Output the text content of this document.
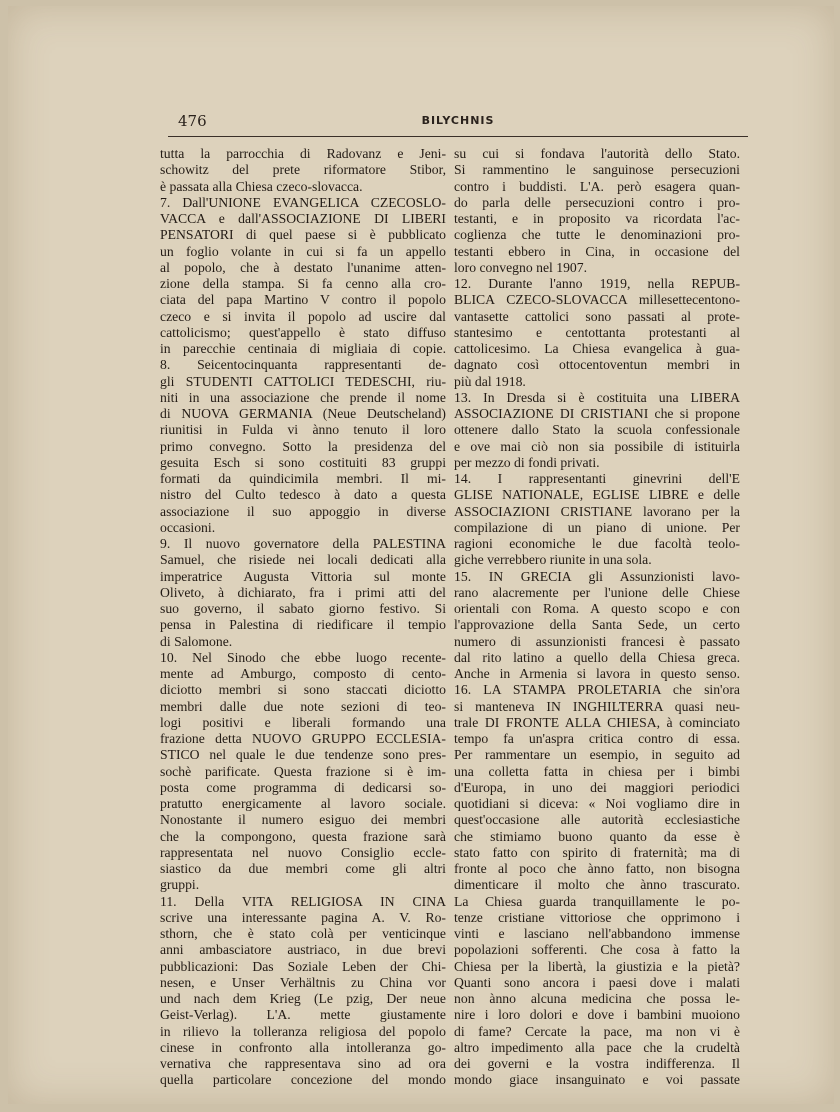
476	BILYCHNIS
tutta la parrocchia di Radovanz e Jeni-
schowitz del prete riformatore Stibor,
è passata alla Chiesa czeco-slovacca.
7. Dall'UNIONE EVANGELICA CZECOSLO-
VACCA e dall'ASSOCIAZIONE DI LIBERI
PENSATORI di quel paese si è pubblicato
un foglio volante in cui si fa un appello
al popolo, che à destato l'unanime atten-
zione della stampa. Si fa cenno alla cro-
ciata del papa Martino V contro il popolo
czeco e si invita il popolo ad uscire dal
cattolicismo; quest'appello è stato diffuso
in parecchie centinaia di migliaia di copie.
8. Seicentocinquanta rappresentanti de-
gli STUDENTI CATTOLICI TEDESCHI, riu-
niti in una associazione che prende il nome
di NUOVA GERMANIA (Neue Deutscheland)
riunitisi in Fulda vi ànno tenuto il loro
primo convegno. Sotto la presidenza del
gesuita Esch si sono costituiti 83 gruppi
formati da quindicimila membri. Il mi-
nistro del Culto tedesco à dato a questa
associazione il suo appoggio in diverse
occasioni.
9. Il nuovo governatore della PALESTINA
Samuel, che risiede nei locali dedicati alla
imperatrice Augusta Vittoria sul monte
Oliveto, à dichiarato, fra i primi atti del
suo governo, il sabato giorno festivo. Si
pensa in Palestina di riedificare il tempio
di Salomone.
10. Nel Sinodo che ebbe luogo recente-
mente ad Amburgo, composto di cento-
diciotto membri si sono staccati diciotto
membri dalle due note sezioni di teo-
logi positivi e liberali formando una
frazione detta NUOVO GRUPPO ECCLESIA-
STICO nel quale le due tendenze sono pres-
sochè parificate. Questa frazione si è im-
posta come programma di dedicarsi so-
pratutto energicamente al lavoro sociale.
Nonostante il numero esiguo dei membri
che la compongono, questa frazione sarà
rappresentata nel nuovo Consiglio eccle-
siastico da due membri come gli altri
gruppi.
11. Della VITA RELIGIOSA IN CINA
scrive una interessante pagina A. V. Ro-
sthorn, che è stato colà per venticinque
anni ambasciatore austriaco, in due brevi
pubblicazioni: Das Soziale Leben der Chi-
nesen, e Unser Verhältnis zu China vor
und nach dem Krieg (Le pzig, Der neue
Geist-Verlag). L'A. mette giustamente
in rilievo la tolleranza religiosa del popolo
cinese in confronto alla intolleranza go-
vernativa che rappresentava sino ad ora
quella particolare concezione del mondo
su cui si fondava l'autorità dello Stato.
Si rammentino le sanguinose persecuzioni
contro i buddisti. L'A. però esagera quan-
do parla delle persecuzioni contro i pro-
testanti, e in proposito va ricordata l'ac-
coglienza che tutte le denominazioni pro-
testanti ebbero in Cina, in occasione del
loro convegno nel 1907.
12. Durante l'anno 1919, nella REPUB-
BLICA CZECO-SLOVACCA millesettecentono-
vantasette cattolici sono passati al prote-
stantesimo e centottanta protestanti al
cattolicesimo. La Chiesa evangelica à gua-
dagnato così ottocentoventun membri in
più dal 1918.
13. In Dresda si è costituita una LIBERA
ASSOCIAZIONE DI CRISTIANI che si propone
ottenere dallo Stato la scuola confessionale
e ove mai ciò non sia possibile di istituirla
per mezzo di fondi privati.
14. I rappresentanti ginevrini dell'E
GLISE NATIONALE, EGLISE LIBRE e delle
ASSOCIAZIONI CRISTIANE lavorano per la
compilazione di un piano di unione. Per
ragioni economiche le due facoltà teolo-
giche verrebbero riunite in una sola.
15. IN GRECIA gli Assunzionisti lavo-
rano alacremente per l'unione delle Chiese
orientali con Roma. A questo scopo e con
l'approvazione della Santa Sede, un certo
numero di assunzionisti francesi è passato
dal rito latino a quello della Chiesa greca.
Anche in Armenia si lavora in questo senso.
16. LA STAMPA PROLETARIA che sin'ora
si manteneva IN INGHILTERRA quasi neu-
trale DI FRONTE ALLA CHIESA, à cominciato
tempo fa un'aspra critica contro di essa.
Per rammentare un esempio, in seguito ad
una colletta fatta in chiesa per i bimbi
d'Europa, in uno dei maggiori periodici
quotidiani si diceva: « Noi vogliamo dire in
quest'occasione alle autorità ecclesiastiche
che stimiamo buono quanto da esse è
stato fatto con spirito di fraternità; ma di
fronte al poco che ànno fatto, non bisogna
dimenticare il molto che ànno trascurato.
La Chiesa guarda tranquillamente le po-
tenze cristiane vittoriose che opprimono i
vinti e lasciano nell'abbandono immense
popolazioni sofferenti. Che cosa à fatto la
Chiesa per la libertà, la giustizia e la pietà?
Quanti sono ancora i paesi dove i malati
non ànno alcuna medicina che possa le-
nire i loro dolori e dove i bambini muoiono
di fame? Cercate la pace, ma non vi è
altro impedimento alla pace che la crudeltà
dei governi e la vostra indifferenza. Il
mondo giace insanguinato e voi passate
